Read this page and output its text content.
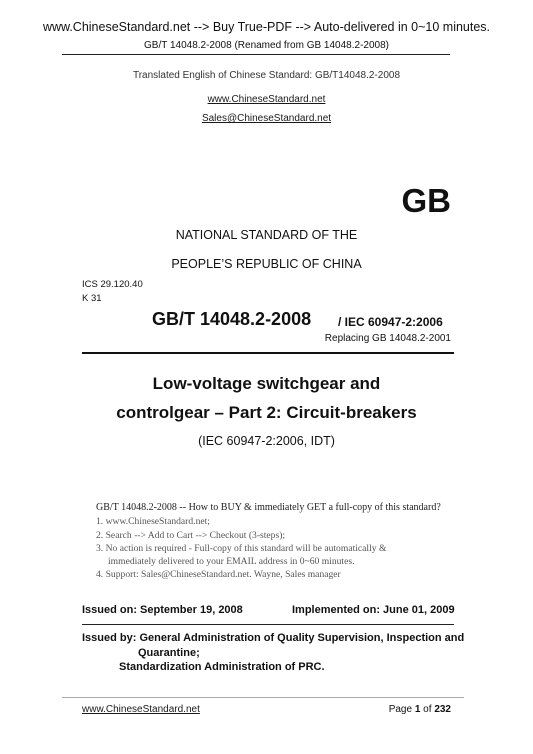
www.ChineseStandard.net --> Buy True-PDF --> Auto-delivered in 0~10 minutes.
GB/T 14048.2-2008 (Renamed from GB 14048.2-2008)
Translated English of Chinese Standard: GB/T14048.2-2008
www.ChineseStandard.net
Sales@ChineseStandard.net
GB
NATIONAL STANDARD OF THE
PEOPLE’S REPUBLIC OF CHINA
ICS 29.120.40
K 31
GB/T 14048.2-2008 / IEC 60947-2:2006
Replacing GB 14048.2-2001
Low-voltage switchgear and
controlgear – Part 2: Circuit-breakers
(IEC 60947-2:2006, IDT)
GB/T 14048.2-2008 -- How to BUY & immediately GET a full-copy of this standard?
1. www.ChineseStandard.net;
2. Search --> Add to Cart --> Checkout (3-steps);
3. No action is required - Full-copy of this standard will be automatically &
immediately delivered to your EMAIL address in 0~60 minutes.
4. Support: Sales@ChineseStandard.net. Wayne, Sales manager
Issued on: September 19, 2008	Implemented on: June 01, 2009
Issued by: General Administration of Quality Supervision, Inspection and
Quarantine;
Standardization Administration of PRC.
www.ChineseStandard.net	Page 1 of 232
